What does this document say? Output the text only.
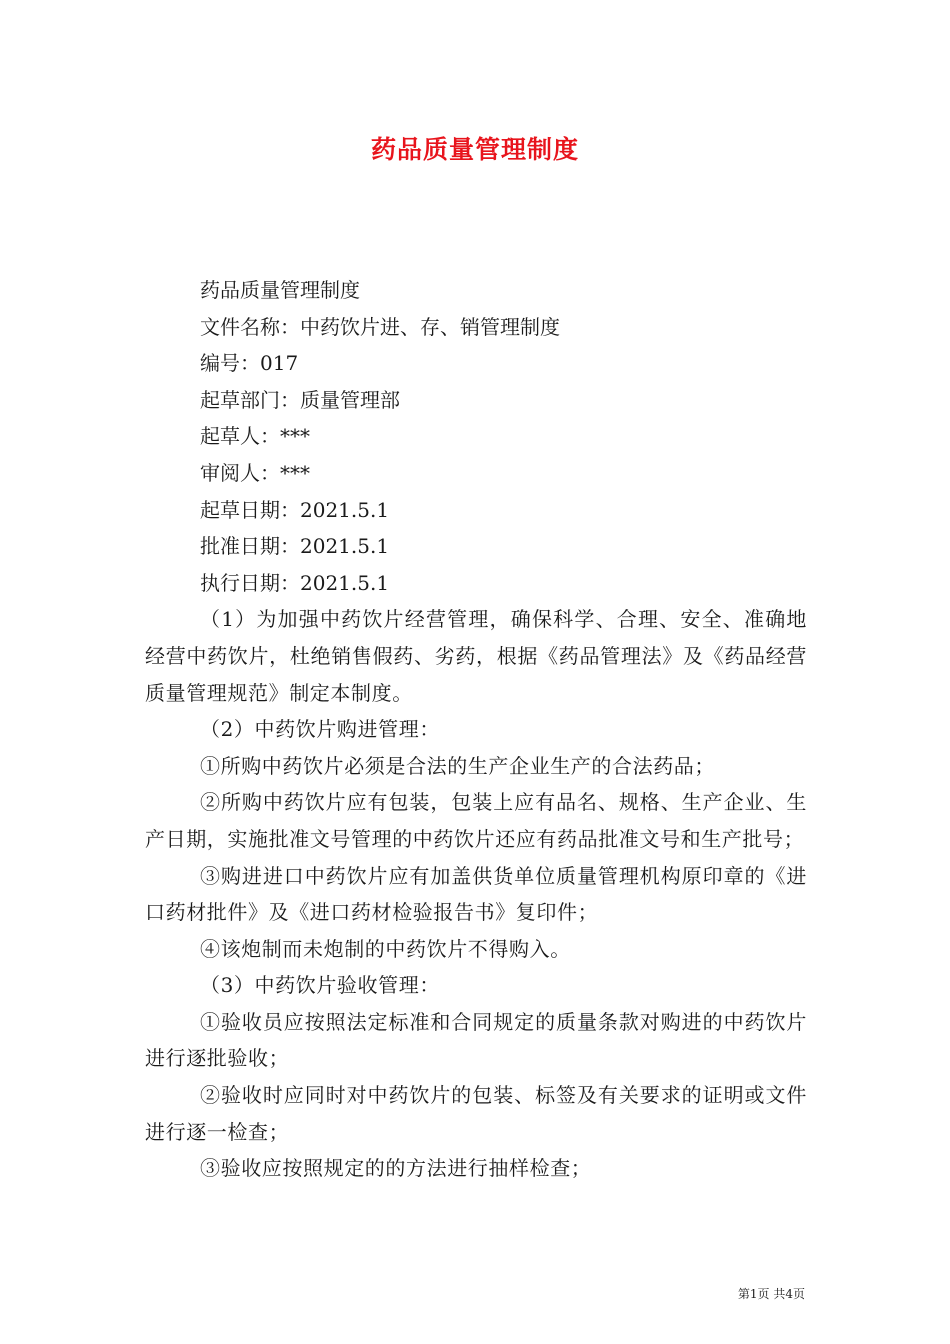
药品质量管理制度

药品质量管理制度

文件名称：中药饮片进、存、销管理制度

编号：017

起草部门：质量管理部

起草人：***

审阅人：***

起草日期：2021.5.1

批准日期：2021.5.1

执行日期：2021.5.1

（1）为加强中药饮片经营管理，确保科学、合理、安全、准确地经营中药饮片，杜绝销售假药、劣药，根据《药品管理法》及《药品经营质量管理规范》制定本制度。

（2）中药饮片购进管理：

①所购中药饮片必须是合法的生产企业生产的合法药品；

②所购中药饮片应有包装，包装上应有品名、规格、生产企业、生产日期，实施批准文号管理的中药饮片还应有药品批准文号和生产批号；

③购进进口中药饮片应有加盖供货单位质量管理机构原印章的《进口药材批件》及《进口药材检验报告书》复印件；

④该炮制而未炮制的中药饮片不得购入。

（3）中药饮片验收管理：

①验收员应按照法定标准和合同规定的质量条款对购进的中药饮片进行逐批验收；

②验收时应同时对中药饮片的包装、标签及有关要求的证明或文件进行逐一检查；

③验收应按照规定的的方法进行抽样检查；

第1页 共4页
